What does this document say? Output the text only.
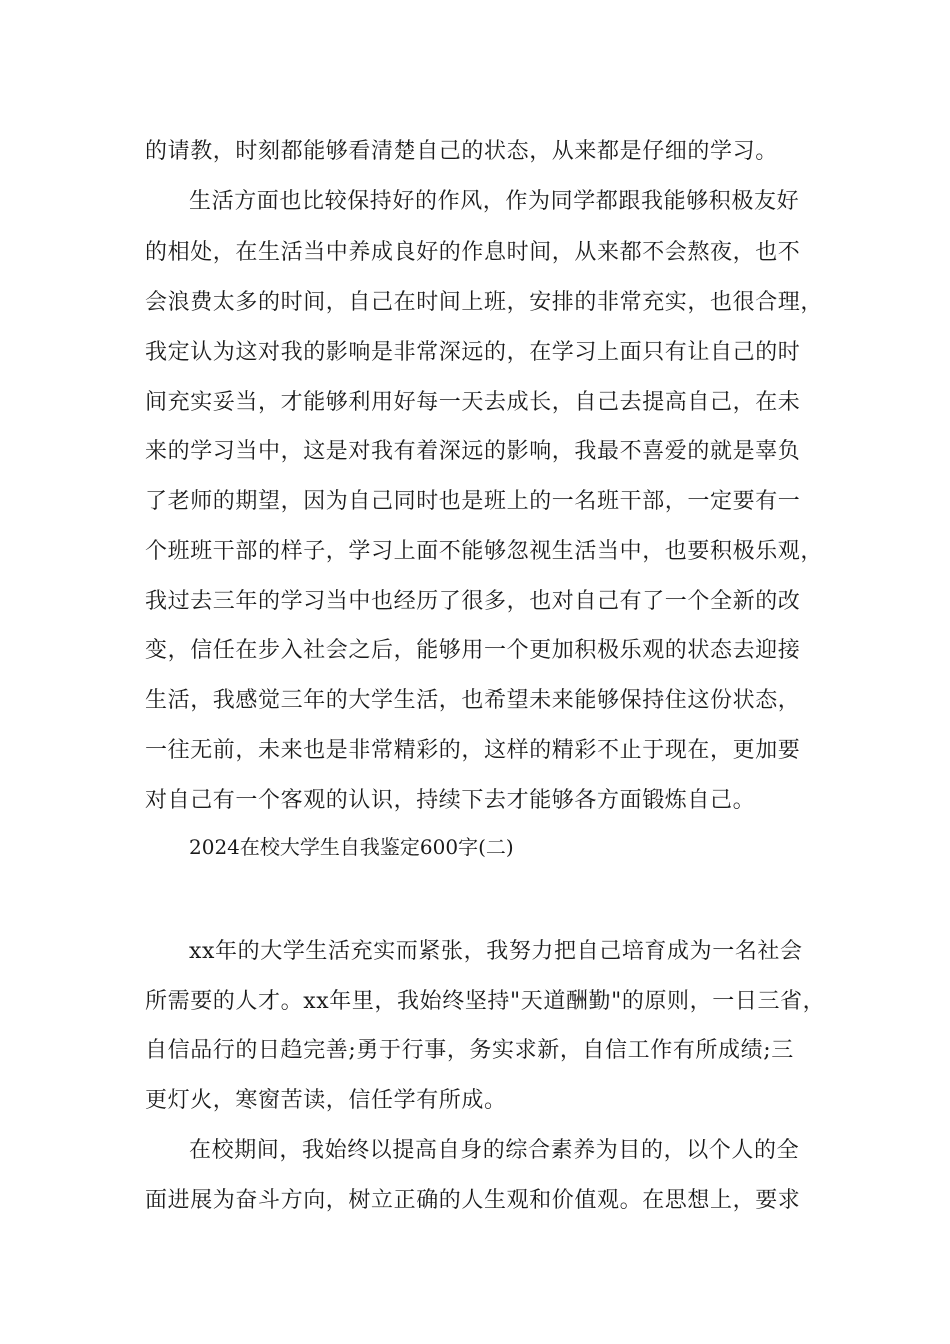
的请教，时刻都能够看清楚自己的状态，从来都是仔细的学习。
生活方面也比较保持好的作风，作为同学都跟我能够积极友好
的相处，在生活当中养成良好的作息时间，从来都不会熬夜，也不
会浪费太多的时间，自己在时间上班，安排的非常充实，也很合理，
我定认为这对我的影响是非常深远的，在学习上面只有让自己的时
间充实妥当，才能够利用好每一天去成长，自己去提高自己，在未
来的学习当中，这是对我有着深远的影响，我最不喜爱的就是辜负
了老师的期望，因为自己同时也是班上的一名班干部，一定要有一
个班班干部的样子，学习上面不能够忽视生活当中，也要积极乐观，
我过去三年的学习当中也经历了很多，也对自己有了一个全新的改
变，信任在步入社会之后，能够用一个更加积极乐观的状态去迎接
生活，我感觉三年的大学生活，也希望未来能够保持住这份状态，
一往无前，未来也是非常精彩的，这样的精彩不止于现在，更加要
对自己有一个客观的认识，持续下去才能够各方面锻炼自己。
2024在校大学生自我鉴定600字(二)
xx年的大学生活充实而紧张，我努力把自己培育成为一名社会
所需要的人才。xx年里，我始终坚持"天道酬勤"的原则，一日三省，
自信品行的日趋完善;勇于行事，务实求新，自信工作有所成绩;三
更灯火，寒窗苦读，信任学有所成。
在校期间，我始终以提高自身的综合素养为目的，以个人的全
面进展为奋斗方向，树立正确的人生观和价值观。在思想上，要求
